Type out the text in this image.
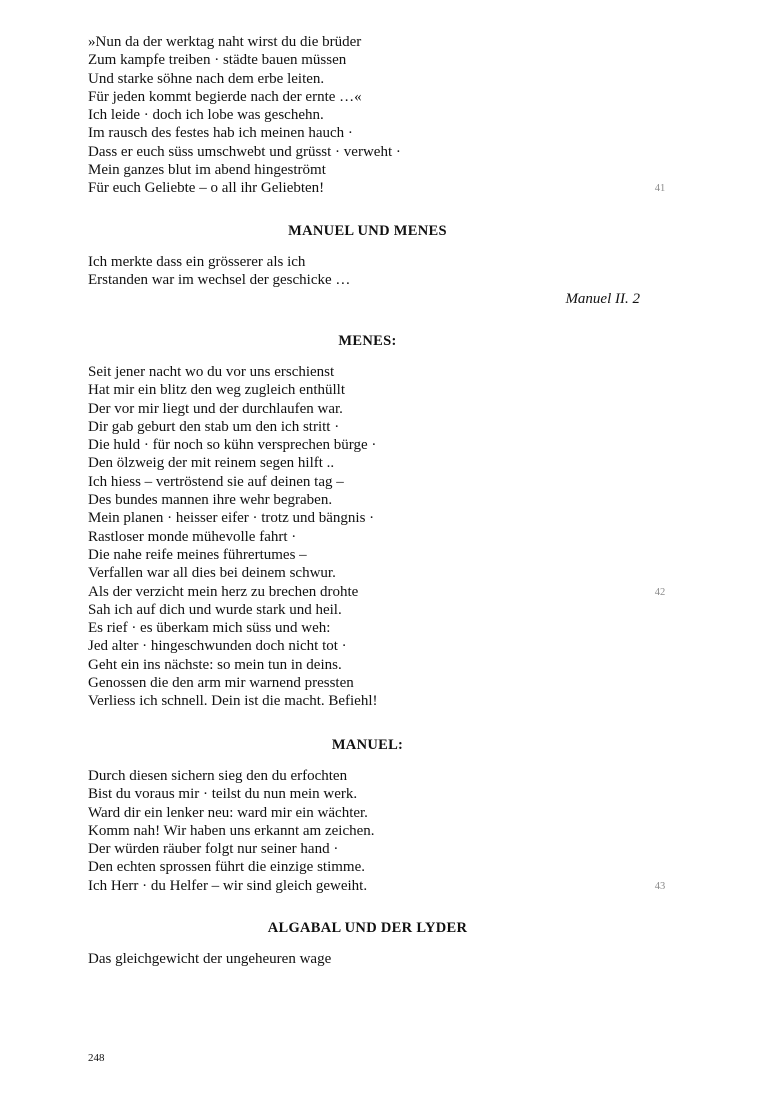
»Nun da der werktag naht wirst du die brüder
Zum kampfe treiben · städte bauen müssen
Und starke söhne nach dem erbe leiten.
Für jeden kommt begierde nach der ernte …«
Ich leide · doch ich lobe was geschehn.
Im rausch des festes hab ich meinen hauch ·
Dass er euch süss umschwebt und grüsst · verweht ·
Mein ganzes blut im abend hingeströmt
Für euch Geliebte – o all ihr Geliebten!	41
MANUEL UND MENES
Ich merkte dass ein grösserer als ich
Erstanden war im wechsel der geschicke …
Manuel II. 2
MENES:
Seit jener nacht wo du vor uns erschienst
Hat mir ein blitz den weg zugleich enthüllt
Der vor mir liegt und der durchlaufen war.
Dir gab geburt den stab um den ich stritt ·
Die huld · für noch so kühn versprechen bürge ·
Den ölzweig der mit reinem segen hilft ..
Ich hiess – vertröstend sie auf deinen tag –
Des bundes mannen ihre wehr begraben.
Mein planen · heisser eifer · trotz und bängnis ·
Rastloser monde mühevolle fahrt ·
Die nahe reife meines führertumes –
Verfallen war all dies bei deinem schwur.
Als der verzicht mein herz zu brechen drohte
Sah ich auf dich und wurde stark und heil.
Es rief · es überkam mich süss und weh:
Jed alter · hingeschwunden doch nicht tot ·
Geht ein ins nächste: so mein tun in deins.
Genossen die den arm mir warnend pressten
Verliess ich schnell. Dein ist die macht. Befiehl!
42
MANUEL:
Durch diesen sichern sieg den du erfochten
Bist du voraus mir · teilst du nun mein werk.
Ward dir ein lenker neu: ward mir ein wächter.
Komm nah! Wir haben uns erkannt am zeichen.
Der würden räuber folgt nur seiner hand ·
Den echten sprossen führt die einzige stimme.
Ich Herr · du Helfer – wir sind gleich geweiht.	43
ALGABAL UND DER LYDER
Das gleichgewicht der ungeheuren wage
248
